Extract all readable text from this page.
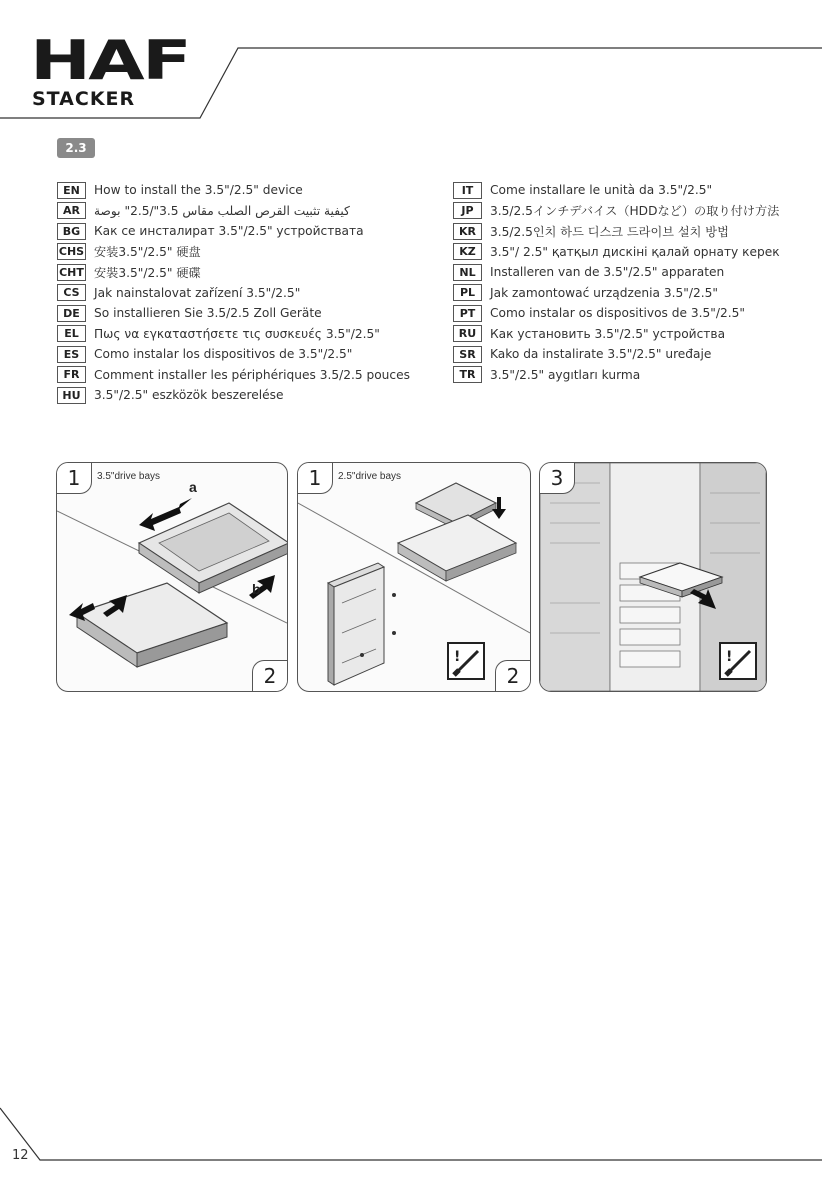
HAF
STACKER
2.3
EN	How to install the 3.5"/2.5" device
AR	كيفية تثبيت القرص الصلب مقاس 3.5"/2.5" بوصة
BG	Как се инсталират 3.5"/2.5" устройствата
CHS 安装3.5"/2.5" 硬盘
CHT 安裝3.5"/2.5" 硬碟
CS	Jak nainstalovat zařízení 3.5"/2.5"
DE	So installieren Sie 3.5/2.5 Zoll Geräte
EL	Πως να εγκαταστήσετε τις συσκευές 3.5"/2.5"
ES	Como instalar los dispositivos de 3.5"/2.5"
FR	Comment installer les périphériques 3.5/2.5 pouces
HU	3.5"/2.5" eszközök beszerelése
IT	Come installare le unità da 3.5"/2.5"
JP	3.5/2.5インチデバイス（HDDなど）の取り付け方法
KR	3.5/2.5인치 하드 디스크 드라이브 설치 방법
KZ	3.5"/ 2.5" қатқыл дискіні қалай орнату керек
NL	Installeren van de 3.5"/2.5" apparaten
PL	Jak zamontować urządzenia 3.5"/2.5"
PT	Como instalar os dispositivos de 3.5"/2.5"
RU	Как установить 3.5"/2.5" устройства
SR	Kako da instalirate 3.5"/2.5" uređaje
TR	3.5"/2.5" aygıtları kurma
1	3.5"drive bays
a
b
2
!
1	2.5"drive bays
2
!
3
12
